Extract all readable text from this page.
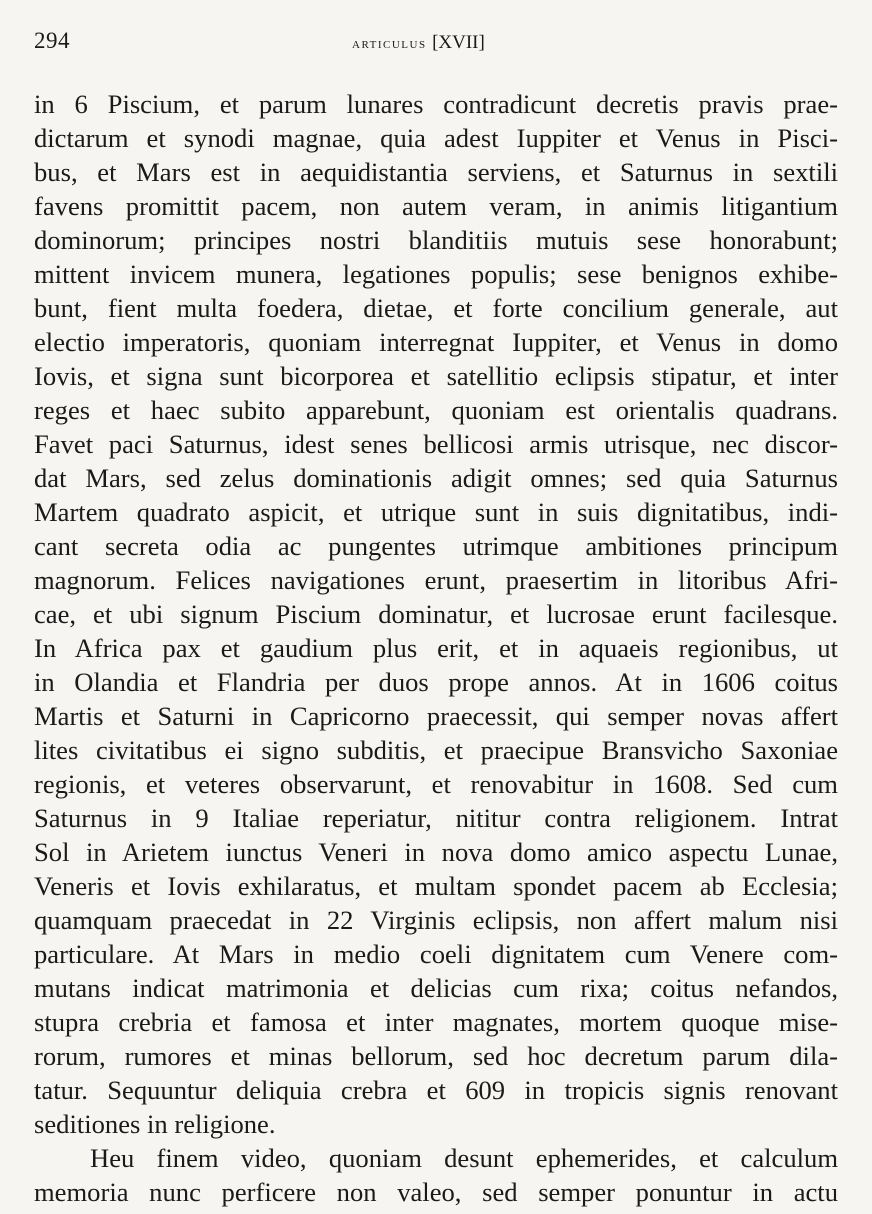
294	articulus [XVII]
in 6 Piscium, et parum lunares contradicunt decretis pravis prae-
dictarum et synodi magnae, quia adest Iuppiter et Venus in Pisci-
bus, et Mars est in aequidistantia serviens, et Saturnus in sextili
favens promittit pacem, non autem veram, in animis litigantium
dominorum; principes nostri blanditiis mutuis sese honorabunt;
mittent invicem munera, legationes populis; sese benignos exhibe-
bunt, fient multa foedera, dietae, et forte concilium generale, aut
electio imperatoris, quoniam interregnat Iuppiter, et Venus in domo
Iovis, et signa sunt bicorporea et satellitio eclipsis stipatur, et inter
reges et haec subito apparebunt, quoniam est orientalis quadrans.
Favet paci Saturnus, idest senes bellicosi armis utrisque, nec discor-
dat Mars, sed zelus dominationis adigit omnes; sed quia Saturnus
Martem quadrato aspicit, et utrique sunt in suis dignitatibus, indi-
cant secreta odia ac pungentes utrimque ambitiones principum
magnorum. Felices navigationes erunt, praesertim in litoribus Afri-
cae, et ubi signum Piscium dominatur, et lucrosae erunt facilesque.
In Africa pax et gaudium plus erit, et in aquaeis regionibus, ut
in Olandia et Flandria per duos prope annos. At in 1606 coitus
Martis et Saturni in Capricorno praecessit, qui semper novas affert
lites civitatibus ei signo subditis, et praecipue Bransvicho Saxoniae
regionis, et veteres observarunt, et renovabitur in 1608. Sed cum
Saturnus in 9 Italiae reperiatur, nititur contra religionem. Intrat
Sol in Arietem iunctus Veneri in nova domo amico aspectu Lunae,
Veneris et Iovis exhilaratus, et multam spondet pacem ab Ecclesia;
quamquam praecedat in 22 Virginis eclipsis, non affert malum nisi
particulare. At Mars in medio coeli dignitatem cum Venere com-
mutans indicat matrimonia et delicias cum rixa; coitus nefandos,
stupra crebria et famosa et inter magnates, mortem quoque mise-
rorum, rumores et minas bellorum, sed hoc decretum parum dila-
tatur. Sequuntur deliquia crebra et 609 in tropicis signis renovant
seditiones in religione.
Heu finem video, quoniam desunt ephemerides, et calculum
memoria nunc perficere non valeo, sed semper ponuntur in actu
